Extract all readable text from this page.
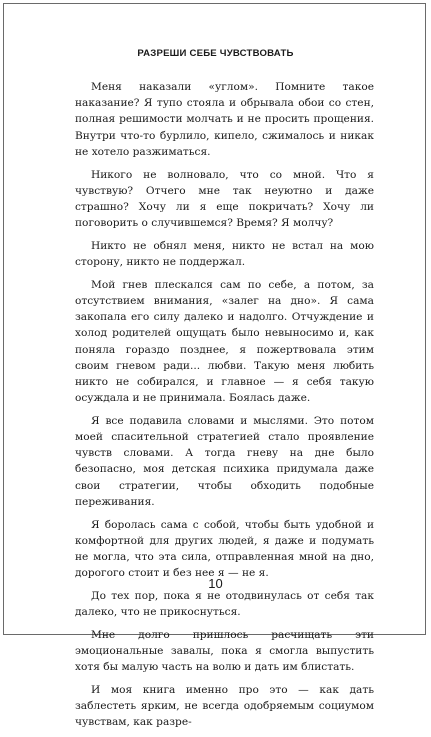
РАЗРЕШИ СЕБЕ ЧУВСТВОВАТЬ

Меня наказали «углом». Помните такое наказание? Я тупо стояла и обрывала обои со стен, полная решимости молчать и не просить прощения. Внутри что-то бурлило, кипело, сжималось и никак не хотело разжиматься.

Никого не волновало, что со мной. Что я чувствую? Отчего мне так неуютно и даже страшно? Хочу ли я еще покричать? Хочу ли поговорить о случившемся? Время? Я молчу?

Никто не обнял меня, никто не встал на мою сторону, никто не поддержал.

Мой гнев плескался сам по себе, а потом, за отсутствием внимания, «залег на дно». Я сама закопала его силу далеко и надолго. Отчуждение и холод родителей ощущать было невыносимо и, как поняла гораздо позднее, я пожертвовала этим своим гневом ради... любви. Такую меня любить никто не собирался, и главное — я себя такую осуждала и не принимала. Боялась даже.

Я все подавила словами и мыслями. Это потом моей спасительной стратегией стало проявление чувств словами. А тогда гневу на дне было безопасно, моя детская психика придумала даже свои стратегии, чтобы обходить подобные переживания.

Я боролась сама с собой, чтобы быть удобной и комфортной для других людей, я даже и подумать не могла, что эта сила, отправленная мной на дно, дорогого стоит и без нее я — не я.

До тех пор, пока я не отодвинулась от себя так далеко, что не прикоснуться.

Мне долго пришлось расчищать эти эмоциональные завалы, пока я смогла выпустить хотя бы малую часть на волю и дать им блистать.

И моя книга именно про это — как дать заблестеть ярким, не всегда одобряемым социумом чувствам, как разре-

10
